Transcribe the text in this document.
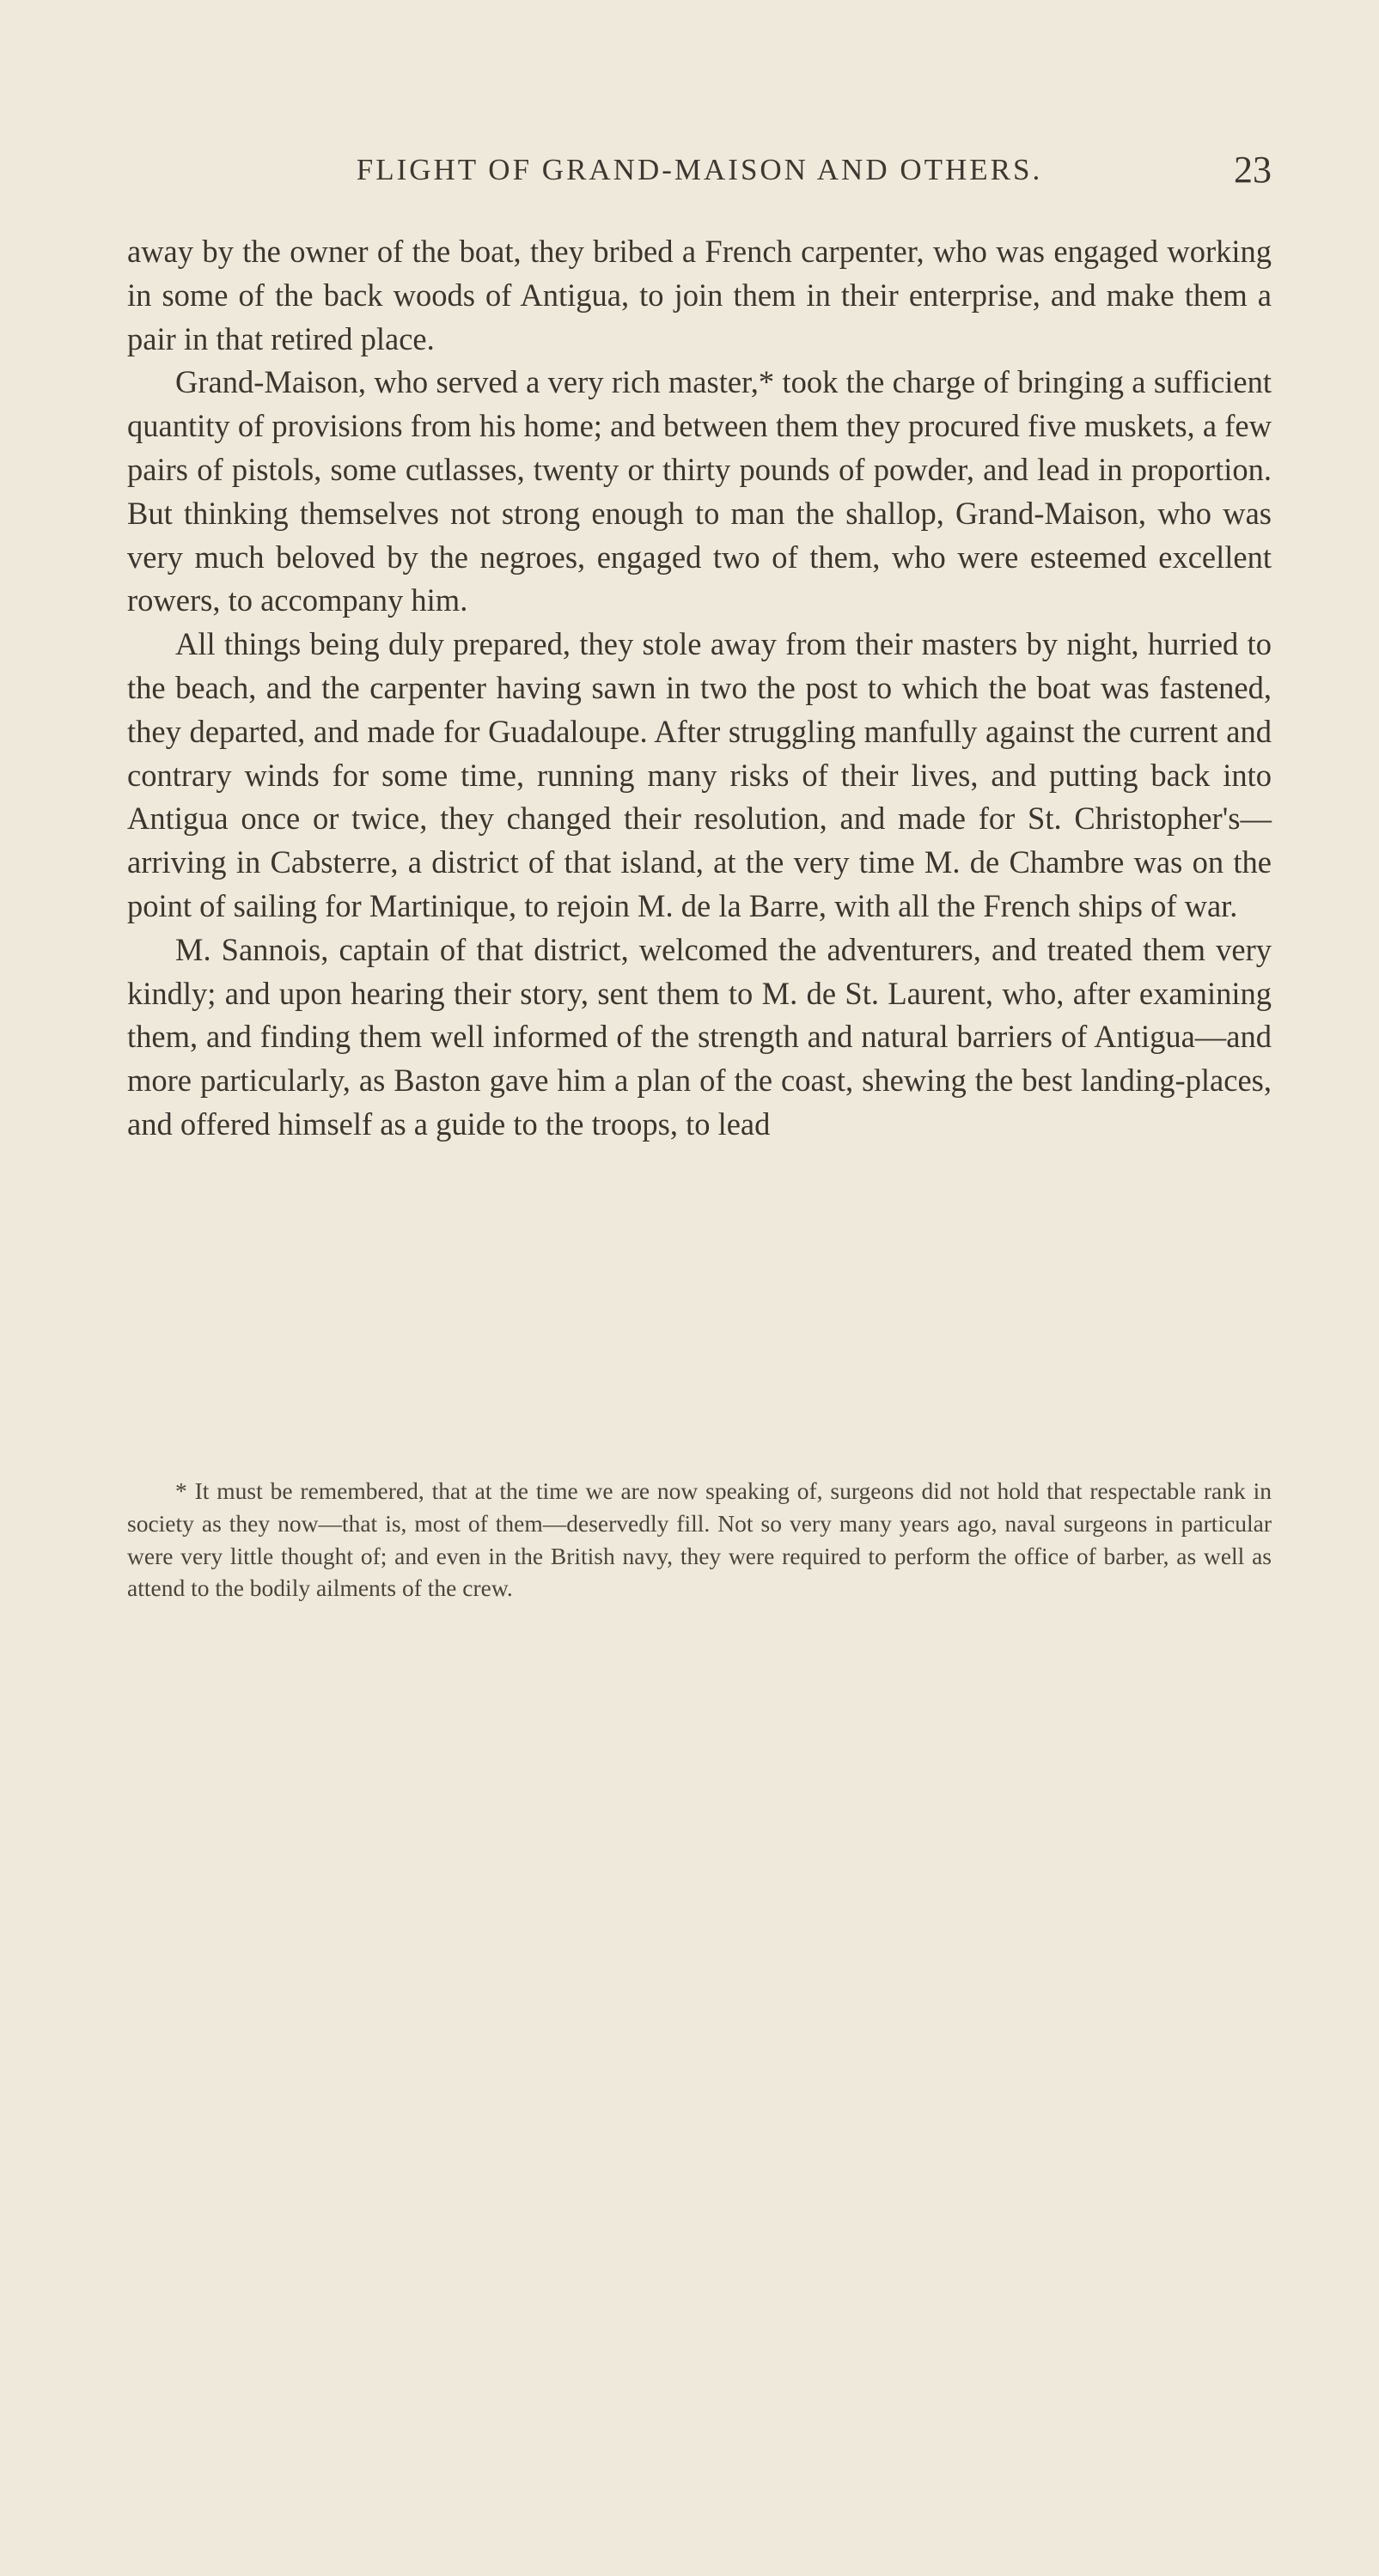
FLIGHT OF GRAND-MAISON AND OTHERS.	23

away by the owner of the boat, they bribed a French carpenter, who was engaged working in some of the back woods of Antigua, to join them in their enterprise, and make them a pair in that retired place.

Grand-Maison, who served a very rich master,* took the charge of bringing a sufficient quantity of provisions from his home; and between them they procured five muskets, a few pairs of pistols, some cutlasses, twenty or thirty pounds of powder, and lead in proportion. But thinking themselves not strong enough to man the shallop, Grand-Maison, who was very much beloved by the negroes, engaged two of them, who were esteemed excellent rowers, to accompany him.

All things being duly prepared, they stole away from their masters by night, hurried to the beach, and the carpenter having sawn in two the post to which the boat was fastened, they departed, and made for Guadaloupe. After struggling manfully against the current and contrary winds for some time, running many risks of their lives, and putting back into Antigua once or twice, they changed their resolution, and made for St. Christopher's—arriving in Cabsterre, a district of that island, at the very time M. de Chambre was on the point of sailing for Martinique, to rejoin M. de la Barre, with all the French ships of war.

M. Sannois, captain of that district, welcomed the adventurers, and treated them very kindly; and upon hearing their story, sent them to M. de St. Laurent, who, after examining them, and finding them well informed of the strength and natural barriers of Antigua—and more particularly, as Baston gave him a plan of the coast, shewing the best landing-places, and offered himself as a guide to the troops, to lead

* It must be remembered, that at the time we are now speaking of, surgeons did not hold that respectable rank in society as they now—that is, most of them—deservedly fill. Not so very many years ago, naval surgeons in particular were very little thought of; and even in the British navy, they were required to perform the office of barber, as well as attend to the bodily ailments of the crew.
